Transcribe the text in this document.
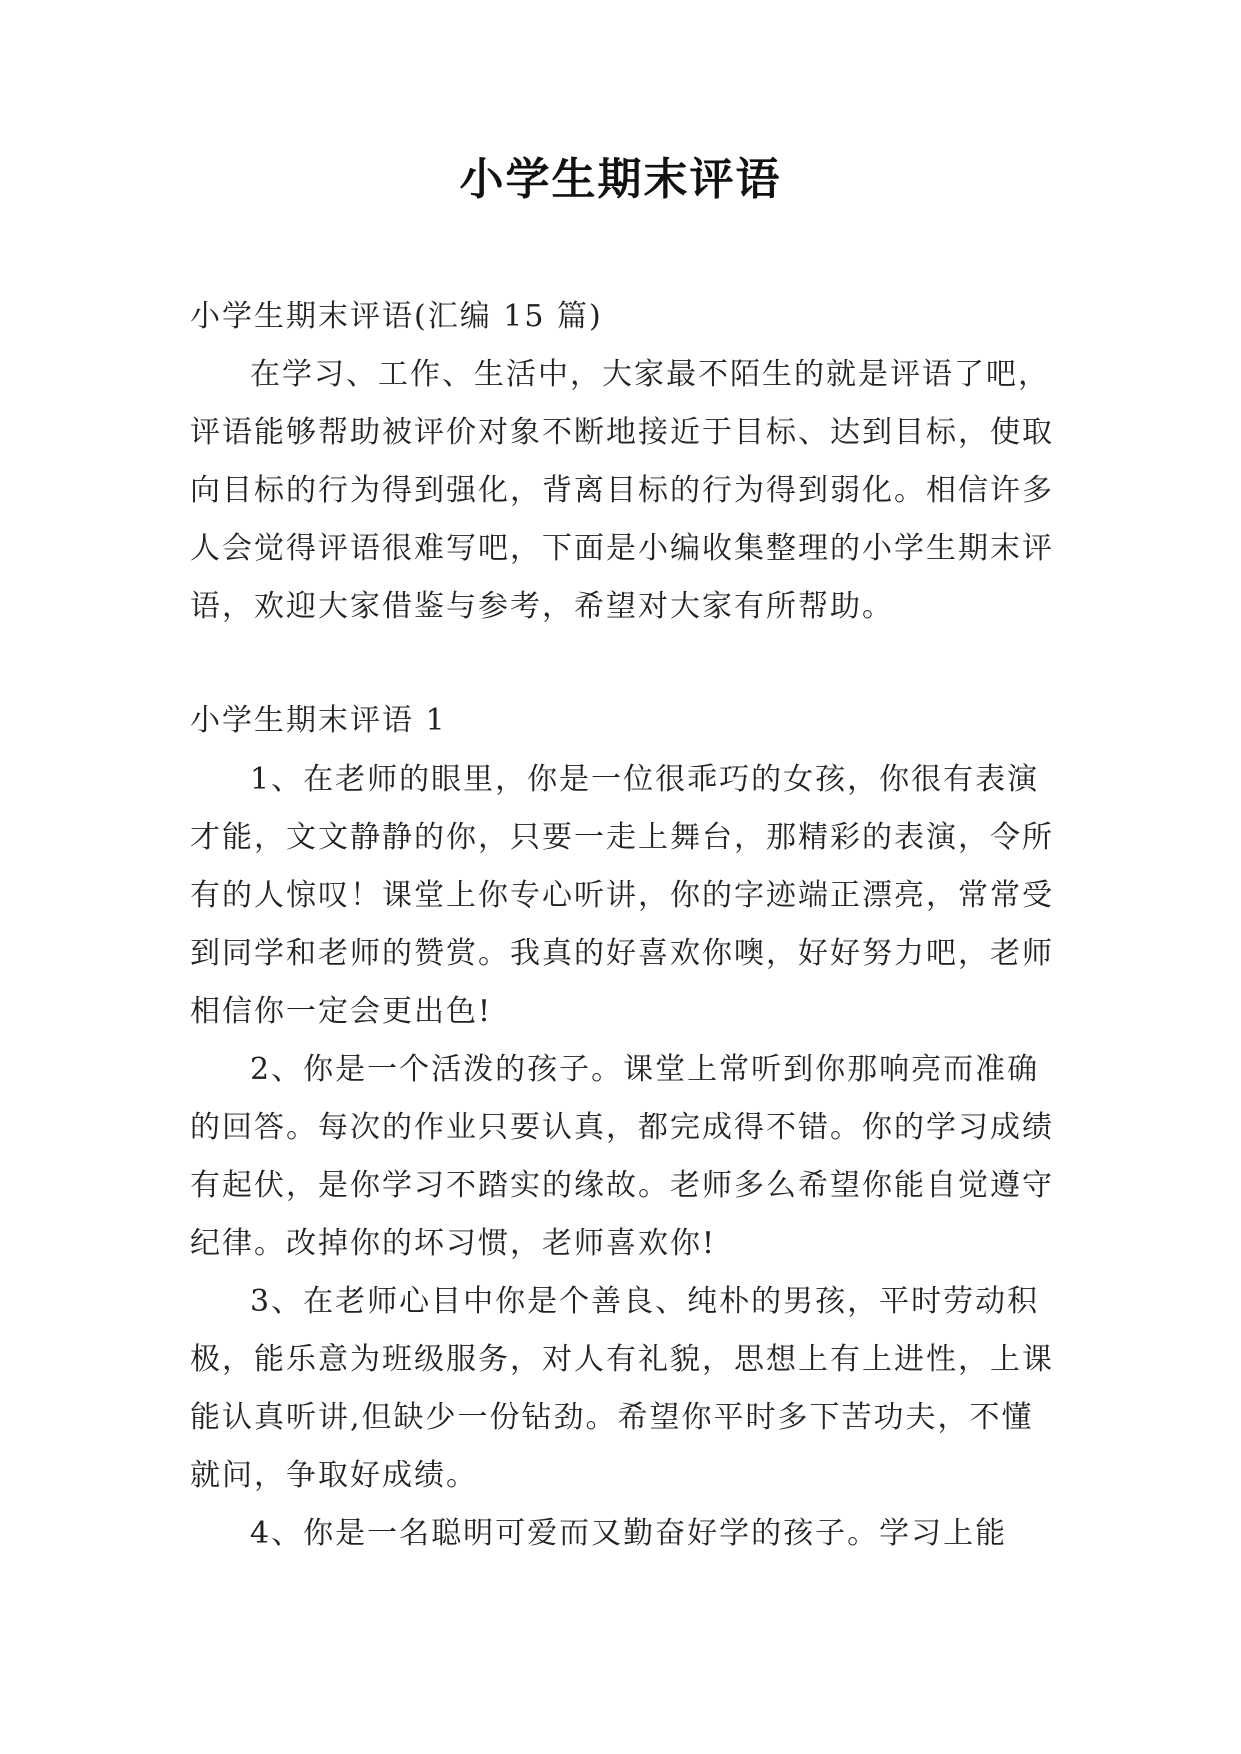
小学生期末评语
小学生期末评语(汇编 15 篇)

在学习、工作、生活中，大家最不陌生的就是评语了吧，评语能够帮助被评价对象不断地接近于目标、达到目标，使取向目标的行为得到强化，背离目标的行为得到弱化。相信许多人会觉得评语很难写吧，下面是小编收集整理的小学生期末评语，欢迎大家借鉴与参考，希望对大家有所帮助。

小学生期末评语 1

1、在老师的眼里，你是一位很乖巧的女孩，你很有表演才能，文文静静的你，只要一走上舞台，那精彩的表演，令所有的人惊叹！课堂上你专心听讲，你的字迹端正漂亮，常常受到同学和老师的赞赏。我真的好喜欢你噢，好好努力吧，老师相信你一定会更出色!

2、你是一个活泼的孩子。课堂上常听到你那响亮而准确的回答。每次的作业只要认真，都完成得不错。你的学习成绩有起伏，是你学习不踏实的缘故。老师多么希望你能自觉遵守纪律。改掉你的坏习惯，老师喜欢你!

3、在老师心目中你是个善良、纯朴的男孩，平时劳动积极，能乐意为班级服务，对人有礼貌，思想上有上进性，上课能认真听讲,但缺少一份钻劲。希望你平时多下苦功夫，不懂就问，争取好成绩。

4、你是一名聪明可爱而又勤奋好学的孩子。学习上能
